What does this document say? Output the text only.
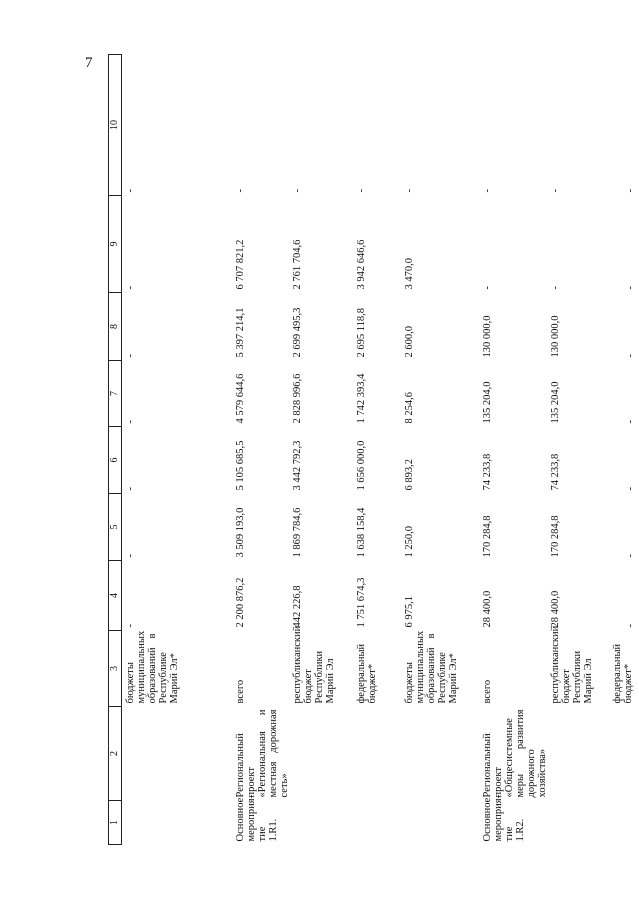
7
1	2	3	4	5	6	7	8	9	10
		бюджеты муниципальных образований в Республике Марий Эл*	-	-	-	-	-	-	-
Основное мероприя-тие 1.R1.	Региональный проект «Региональная и местная дорожная сеть»	всего	2 200 876,2	3 509 193,0	5 105 685,5	4 579 644,6	5 397 214,1	6 707 821,2	-
		республиканский бюджет Республики Марий Эл	442 226,8	1 869 784,6	3 442 792,3	2 828 996,6	2 699 495,3	2 761 704,6	-
		федеральный бюджет*	1 751 674,3	1 638 158,4	1 656 000,0	1 742 393,4	2 695 118,8	3 942 646,6	-
		бюджеты муниципальных образований в Республике Марий Эл*	6 975,1	1 250,0	6 893,2	8 254,6	2 600,0	3 470,0	-
Основное мероприя-тие 1.R2.	Региональный проект «Общесистемные меры развития дорожного хозяйства»	всего	28 400,0	170 284,8	74 233,8	135 204,0	130 000,0	-	-
		республиканский бюджет Республики Марий Эл	28 400,0	170 284,8	74 233,8	135 204,0	130 000,0	-	-
		федеральный бюджет*	-	-	-	-	-	-	-
